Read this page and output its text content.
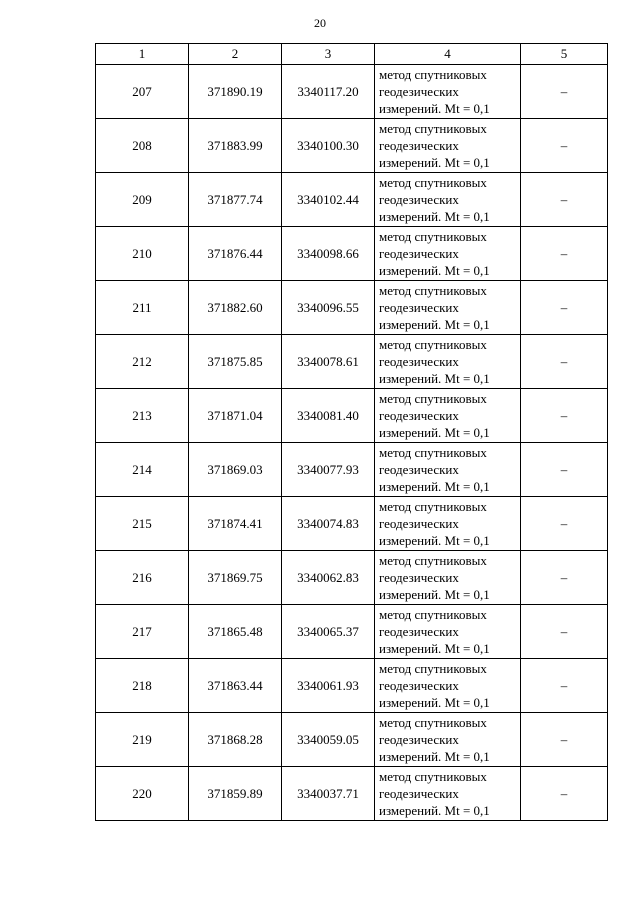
20
1	2	3	4	5
207	371890.19	3340117.20	метод спутниковых
геодезических
измерений. Mt = 0,1	–
208	371883.99	3340100.30	метод спутниковых
геодезических
измерений. Mt = 0,1	–
209	371877.74	3340102.44	метод спутниковых
геодезических
измерений. Mt = 0,1	–
210	371876.44	3340098.66	метод спутниковых
геодезических
измерений. Mt = 0,1	–
211	371882.60	3340096.55	метод спутниковых
геодезических
измерений. Mt = 0,1	–
212	371875.85	3340078.61	метод спутниковых
геодезических
измерений. Mt = 0,1	–
213	371871.04	3340081.40	метод спутниковых
геодезических
измерений. Mt = 0,1	–
214	371869.03	3340077.93	метод спутниковых
геодезических
измерений. Mt = 0,1	–
215	371874.41	3340074.83	метод спутниковых
геодезических
измерений. Mt = 0,1	–
216	371869.75	3340062.83	метод спутниковых
геодезических
измерений. Mt = 0,1	–
217	371865.48	3340065.37	метод спутниковых
геодезических
измерений. Mt = 0,1	–
218	371863.44	3340061.93	метод спутниковых
геодезических
измерений. Mt = 0,1	–
219	371868.28	3340059.05	метод спутниковых
геодезических
измерений. Mt = 0,1	–
220	371859.89	3340037.71	метод спутниковых
геодезических
измерений. Mt = 0,1	–
